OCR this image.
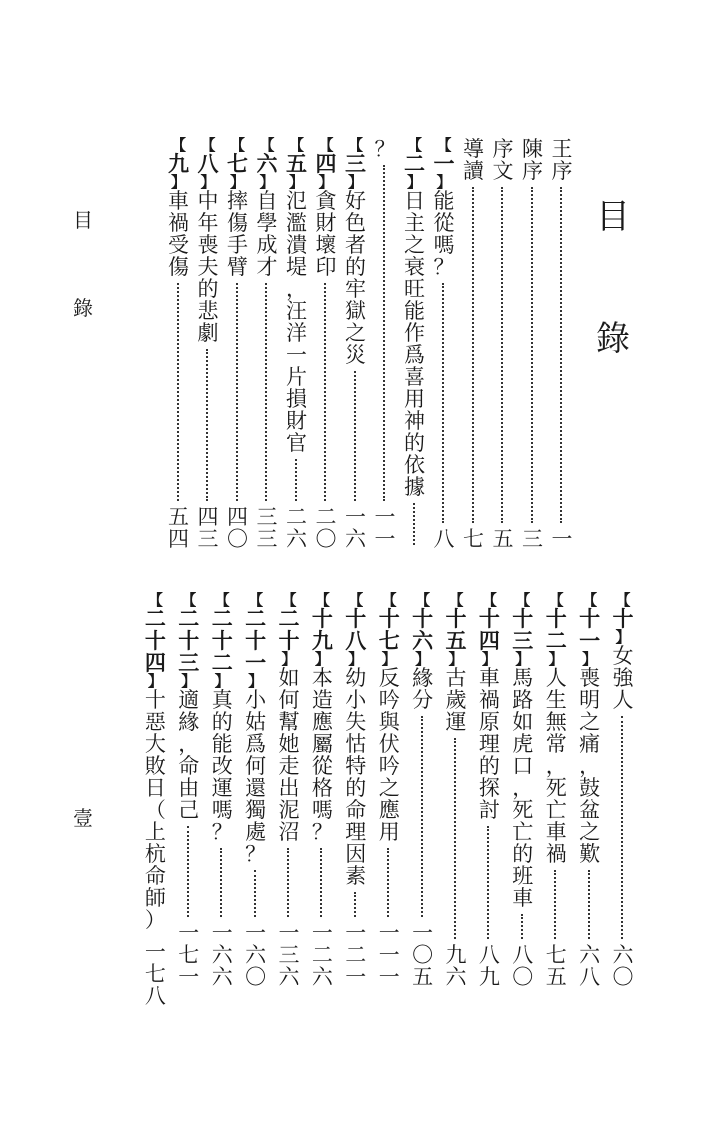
目
錄
目
錄
壹
王
序
一
陳
序
三
序
文
五
導
讀
七
【
一
】
能
從
嗎
？
八
【
二
】
日
主
之
衰
旺
能
作
爲
喜
用
神
的
依
據
？
一
一
【
三
】
好
色
者
的
牢
獄
之
災
一
六
【
四
】
貪
財
壞
印
二
〇
【
五
】
氾
濫
潰
堤
，
汪
洋
一
片
損
財
官
二
六
【
六
】
自
學
成
才
三
三
【
七
】
摔
傷
手
臂
四
〇
【
八
】
中
年
喪
夫
的
悲
劇
四
三
【
九
】
車
禍
受
傷
五
四
【
十
】
女
強
人
六
〇
【
十
一
】
喪
明
之
痛
，
鼓
盆
之
歎
六
八
【
十
二
】
人
生
無
常
，
死
亡
車
禍
七
五
【
十
三
】
馬
路
如
虎
口
，
死
亡
的
班
車
八
〇
【
十
四
】
車
禍
原
理
的
探
討
八
九
【
十
五
】
古
歲
運
九
六
【
十
六
】
緣
分
一
〇
五
【
十
七
】
反
吟
與
伏
吟
之
應
用
一
一
一
【
十
八
】
幼
小
失
怙
特
的
命
理
因
素
一
二
一
【
十
九
】
本
造
應
屬
從
格
嗎
？
一
二
六
【
二
十
】
如
何
幫
她
走
出
泥
沼
一
三
六
【
二
十
一
】
小
姑
爲
何
還
獨
處
？
一
六
〇
【
二
十
二
】
真
的
能
改
運
嗎
？
一
六
六
【
二
十
三
】
適
緣
，
命
由
己
一
七
一
【
二
十
四
】
十
惡
大
敗
日
（
上
杭
命
師
）
一
七
八
